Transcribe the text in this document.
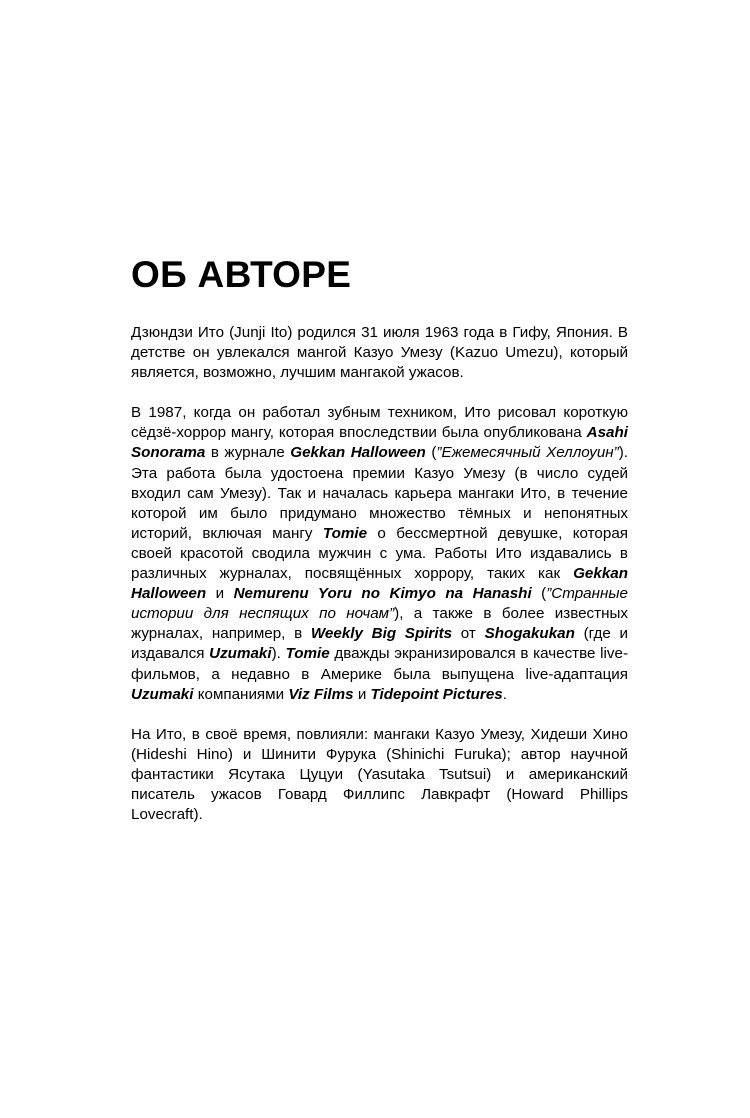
ОБ АВТОРЕ

Дзюндзи Ито (Junji Ito) родился 31 июля 1963 года в Гифу, Япония. В детстве он увлекался мангой Казуо Умезу (Kazuo Umezu), который является, возможно, лучшим мангакой ужасов.

В 1987, когда он работал зубным техником, Ито рисовал короткую сёдзё-хоррор мангу, которая впоследствии была опубликована Asahi Sonorama в журнале Gekkan Halloween (”Ежемесячный Хеллоуин”). Эта работа была удостоена премии Казуо Умезу (в число судей входил сам Умезу). Так и началась карьера мангаки Ито, в течение которой им было придумано множество тёмных и непонятных историй, включая мангу Tomie о бессмертной девушке, которая своей красотой сводила мужчин с ума. Работы Ито издавались в различных журналах, посвящённых хоррору, таких как Gekkan Halloween и Nemurenu Yoru no Kimyo na Hanashi (”Странные истории для неспящих по ночам”), а также в более известных журналах, например, в Weekly Big Spirits от Shogakukan (где и издавался Uzumaki). Tomie дважды экранизировался в качестве live-фильмов, а недавно в Америке была выпущена live-адаптация Uzumaki компаниями Viz Films и Tidepoint Pictures.

На Ито, в своё время, повлияли: мангаки Казуо Умезу, Хидеши Хино (Hideshi Hino) и Шинити Фурука (Shinichi Furuka); автор научной фантастики Ясутака Цуцуи (Yasutaka Tsutsui) и американский писатель ужасов Говард Филлипс Лавкрафт (Howard Phillips Lovecraft).
